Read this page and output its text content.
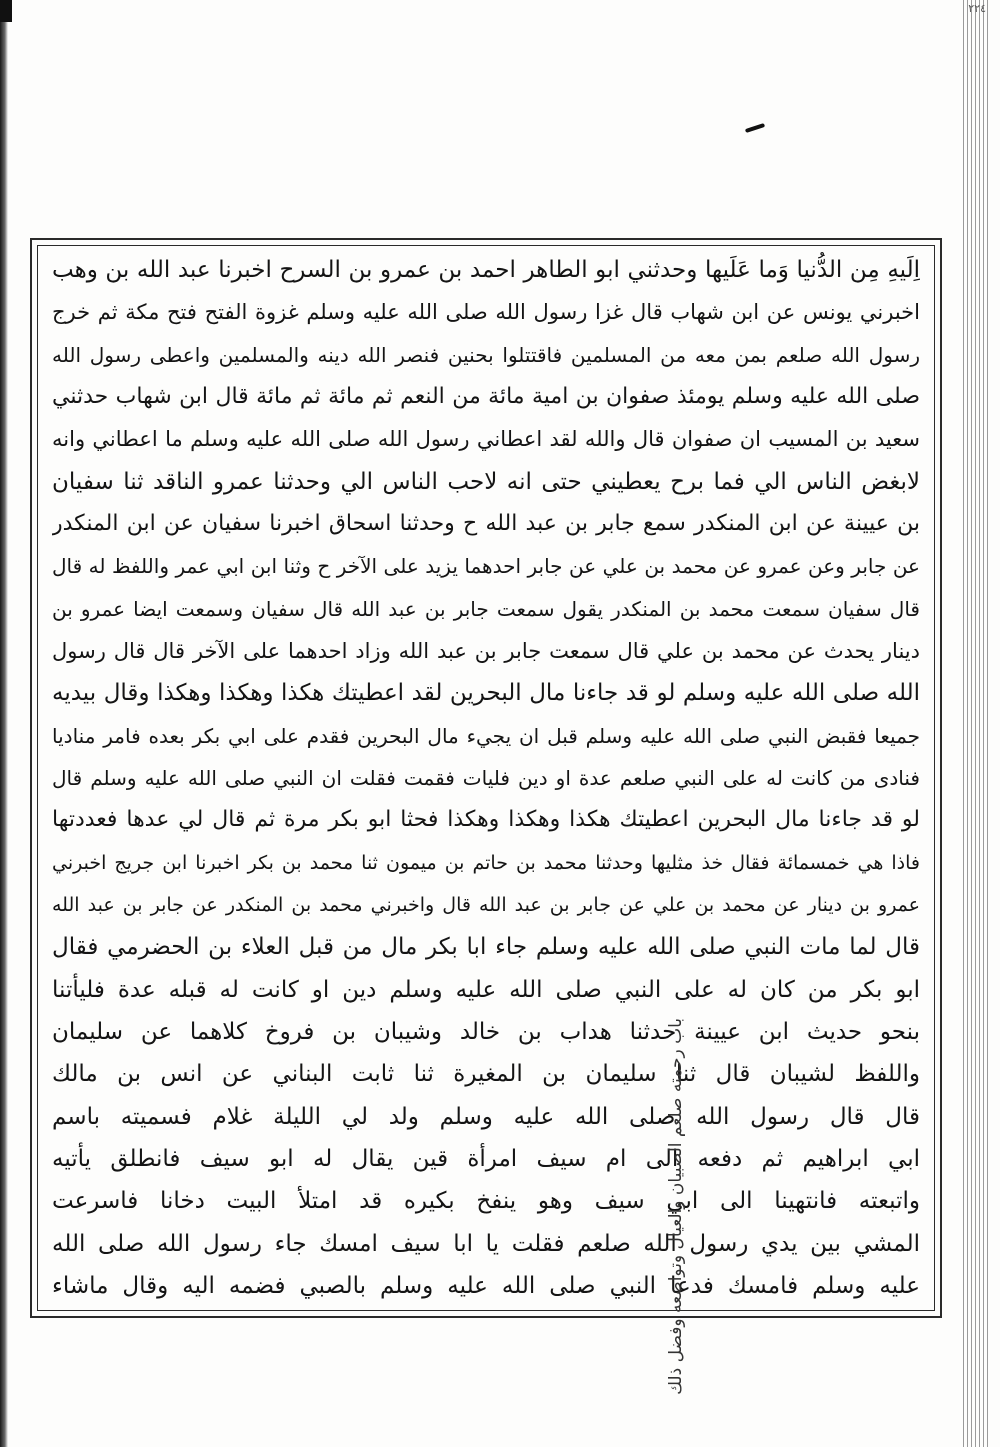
٢٢٤
اِلَيهِ مِن الدُّنيا وَما عَلَيها وحدثني ابو الطاهر احمد بن عمرو بن السرح اخبرنا عبد الله بن وهب
اخبرني يونس عن ابن شهاب قال غزا رسول الله صلى الله عليه وسلم غزوة الفتح فتح مكة ثم خرج
رسول الله صلعم بمن معه من المسلمين فاقتتلوا بحنين فنصر الله دينه والمسلمين واعطى رسول الله
صلى الله عليه وسلم يومئذ صفوان بن امية مائة من النعم ثم مائة ثم مائة قال ابن شهاب حدثني
سعيد بن المسيب ان صفوان قال والله لقد اعطاني رسول الله صلى الله عليه وسلم ما اعطاني وانه
لابغض الناس الي فما برح يعطيني حتى انه لاحب الناس الي وحدثنا عمرو الناقد ثنا سفيان
بن عيينة عن ابن المنكدر سمع جابر بن عبد الله ح وحدثنا اسحاق اخبرنا سفيان عن ابن المنكدر
عن جابر وعن عمرو عن محمد بن علي عن جابر احدهما يزيد على الآخر ح وثنا ابن ابي عمر واللفظ له قال
قال سفيان سمعت محمد بن المنكدر يقول سمعت جابر بن عبد الله قال سفيان وسمعت ايضا عمرو بن
دينار يحدث عن محمد بن علي قال سمعت جابر بن عبد الله وزاد احدهما على الآخر قال قال رسول
الله صلى الله عليه وسلم لو قد جاءنا مال البحرين لقد اعطيتك هكذا وهكذا وهكذا وقال بيديه
جميعا فقبض النبي صلى الله عليه وسلم قبل ان يجيء مال البحرين فقدم على ابي بكر بعده فامر مناديا
فنادى من كانت له على النبي صلعم عدة او دين فليات فقمت فقلت ان النبي صلى الله عليه وسلم قال
لو قد جاءنا مال البحرين اعطيتك هكذا وهكذا وهكذا فحثا ابو بكر مرة ثم قال لي عدها فعددتها
فاذا هي خمسمائة فقال خذ مثليها وحدثنا محمد بن حاتم بن ميمون ثنا محمد بن بكر اخبرنا ابن جريج اخبرني
عمرو بن دينار عن محمد بن علي عن جابر بن عبد الله قال واخبرني محمد بن المنكدر عن جابر بن عبد الله
قال لما مات النبي صلى الله عليه وسلم جاء ابا بكر مال من قبل العلاء بن الحضرمي فقال
ابو بكر من كان له على النبي صلى الله عليه وسلم دين او كانت له قبله عدة فليأتنا
بنحو حديث ابن عيينة حدثنا هداب بن خالد وشيبان بن فروخ كلاهما عن سليمان
واللفظ لشيبان قال ثنا سليمان بن المغيرة ثنا ثابت البناني عن انس بن مالك
قال قال رسول الله صلى الله عليه وسلم ولد لي الليلة غلام فسميته باسم
ابي ابراهيم ثم دفعه الى ام سيف امرأة قين يقال له ابو سيف فانطلق يأتيه
واتبعته فانتهينا الى ابي سيف وهو ينفخ بكيره قد امتلأ البيت دخانا فاسرعت
المشي بين يدي رسول الله صلعم فقلت يا ابا سيف امسك جاء رسول الله صلى الله
عليه وسلم فامسك فدعا النبي صلى الله عليه وسلم بالصبي فضمه اليه وقال ماشاء
باب رحمته صلعم الصبيان والعيال وتواضعه وفضل ذلك
